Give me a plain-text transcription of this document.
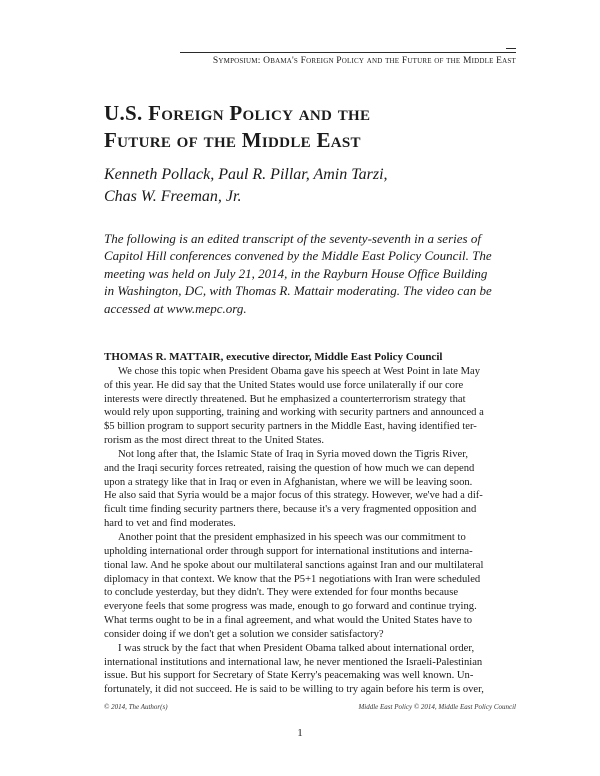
Symposium: Obama's Foreign Policy and the Future of the Middle East
U.S. Foreign Policy and the
Future of the Middle East
Kenneth Pollack, Paul R. Pillar, Amin Tarzi,
Chas W. Freeman, Jr.
The following is an edited transcript of the seventy-seventh in a series of
Capitol Hill conferences convened by the Middle East Policy Council. The
meeting was held on July 21, 2014, in the Rayburn House Office Building
in Washington, DC, with Thomas R. Mattair moderating. The video can be
accessed at www.mepc.org.
THOMAS R. MATTAIR, executive director, Middle East Policy Council
We chose this topic when President Obama gave his speech at West Point in late May
of this year. He did say that the United States would use force unilaterally if our core
interests were directly threatened. But he emphasized a counterterrorism strategy that
would rely upon supporting, training and working with security partners and announced a
$5 billion program to support security partners in the Middle East, having identified ter-
rorism as the most direct threat to the United States.
Not long after that, the Islamic State of Iraq in Syria moved down the Tigris River,
and the Iraqi security forces retreated, raising the question of how much we can depend
upon a strategy like that in Iraq or even in Afghanistan, where we will be leaving soon.
He also said that Syria would be a major focus of this strategy. However, we've had a dif-
ficult time finding security partners there, because it's a very fragmented opposition and
hard to vet and find moderates.
Another point that the president emphasized in his speech was our commitment to
upholding international order through support for international institutions and interna-
tional law. And he spoke about our multilateral sanctions against Iran and our multilateral
diplomacy in that context. We know that the P5+1 negotiations with Iran were scheduled
to conclude yesterday, but they didn't. They were extended for four months because
everyone feels that some progress was made, enough to go forward and continue trying.
What terms ought to be in a final agreement, and what would the United States have to
consider doing if we don't get a solution we consider satisfactory?
I was struck by the fact that when President Obama talked about international order,
international institutions and international law, he never mentioned the Israeli-Palestinian
issue. But his support for Secretary of State Kerry's peacemaking was well known. Un-
fortunately, it did not succeed. He is said to be willing to try again before his term is over,
© 2014, The Author(s)	Middle East Policy © 2014, Middle East Policy Council
1
